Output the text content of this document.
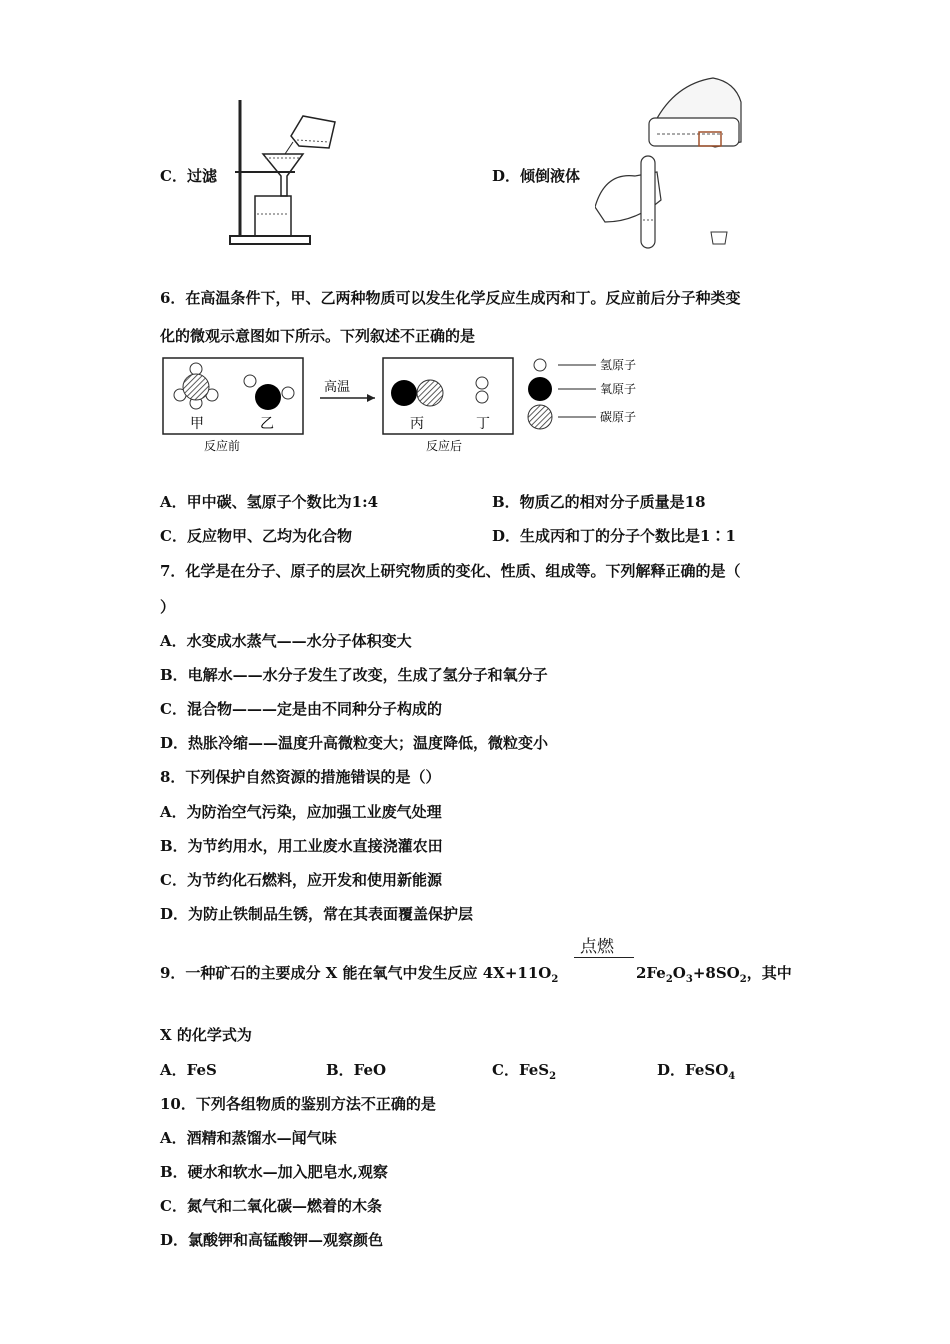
C．过滤	D．倾倒液体
6．在高温条件下，甲、乙两种物质可以发生化学反应生成丙和丁。反应前后分子种类变
化的微观示意图如下所示。下列叙述不正确的是
高温
甲	乙	丙	丁
反应前	反应后
氢原子
氧原子
碳原子
A．甲中碳、氢原子个数比为1:4	B．物质乙的相对分子质量是18
C．反应物甲、乙均为化合物	D．生成丙和丁的分子个数比是1∶1
7．化学是在分子、原子的层次上研究物质的变化、性质、组成等。下列解释正确的是（
）
A．水变成水蒸气——水分子体积变大
B．电解水——水分子发生了改变，生成了氢分子和氧分子
C．混合物———定是由不同种分子构成的
D．热胀冷缩——温度升高微粒变大；温度降低，微粒变小
8．下列保护自然资源的措施错误的是（）
A．为防治空气污染，应加强工业废气处理
B．为节约用水，用工业废水直接浇灌农田
C．为节约化石燃料，应开发和使用新能源
D．为防止铁制品生锈，常在其表面覆盖保护层
点燃
9．一种矿石的主要成分 X 能在氧气中发生反应 $4X+11O_2$	$2Fe_2O_3+8SO_2$，其中
X 的化学式为
A．FeS	B．FeO	C．FeS$_2$	D．FeSO$_4$
10．下列各组物质的鉴别方法不正确的是
A．酒精和蒸馏水—闻气味
B．硬水和软水—加入肥皂水,观察
C．氮气和二氧化碳—燃着的木条
D．氯酸钾和高锰酸钾—观察颜色
